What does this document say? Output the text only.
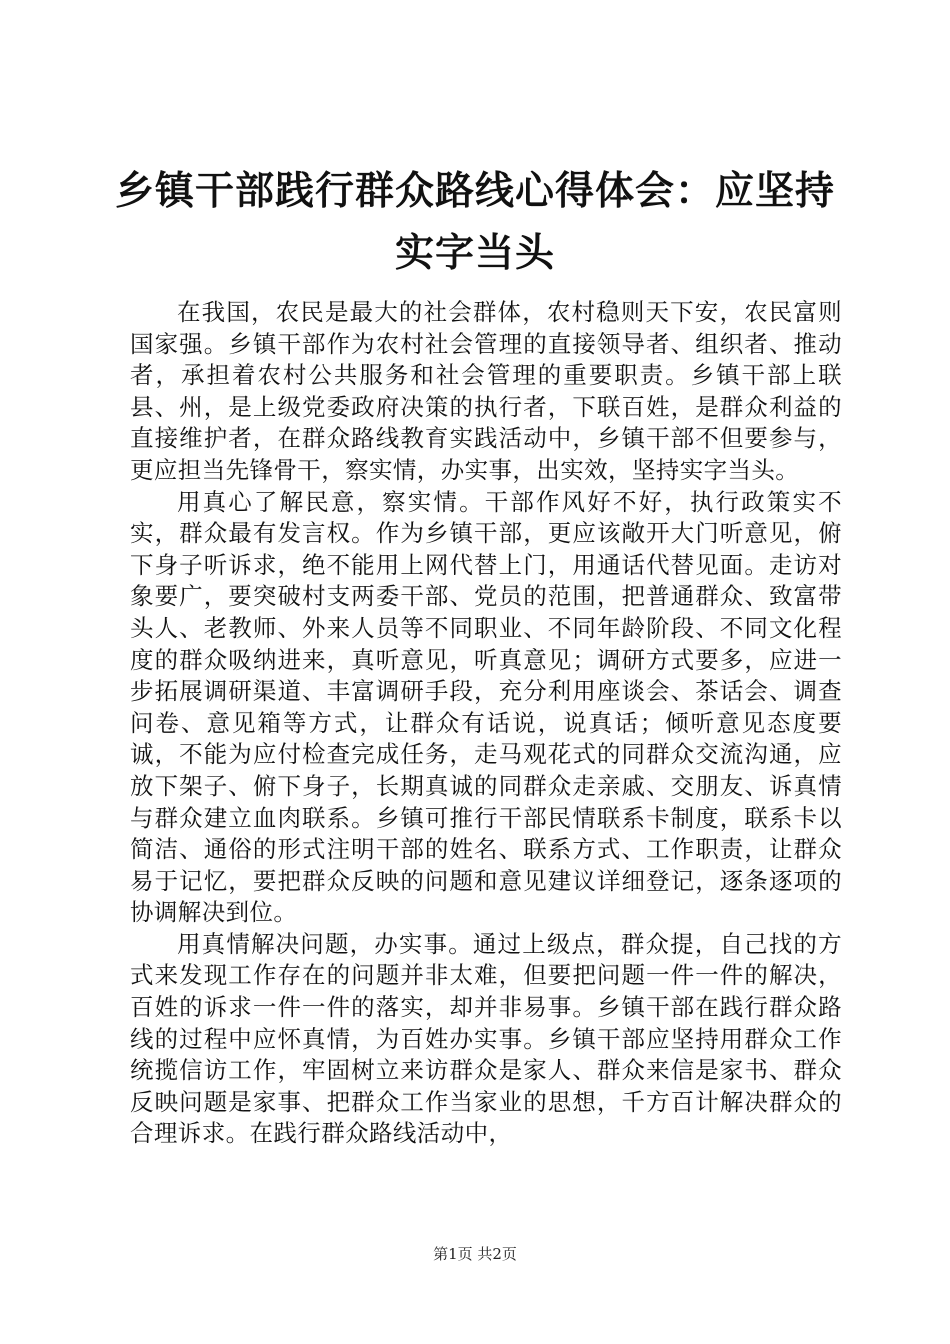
乡镇干部践行群众路线心得体会：应坚持实字当头

在我国，农民是最大的社会群体，农村稳则天下安，农民富则国家强。乡镇干部作为农村社会管理的直接领导者、组织者、推动者，承担着农村公共服务和社会管理的重要职责。乡镇干部上联县、州，是上级党委政府决策的执行者，下联百姓，是群众利益的直接维护者，在群众路线教育实践活动中，乡镇干部不但要参与，更应担当先锋骨干，察实情，办实事，出实效，坚持实字当头。

用真心了解民意，察实情。干部作风好不好，执行政策实不实，群众最有发言权。作为乡镇干部，更应该敞开大门听意见，俯下身子听诉求，绝不能用上网代替上门，用通话代替见面。走访对象要广，要突破村支两委干部、党员的范围，把普通群众、致富带头人、老教师、外来人员等不同职业、不同年龄阶段、不同文化程度的群众吸纳进来，真听意见，听真意见；调研方式要多，应进一步拓展调研渠道、丰富调研手段，充分利用座谈会、茶话会、调查问卷、意见箱等方式，让群众有话说，说真话；倾听意见态度要诚，不能为应付检查完成任务，走马观花式的同群众交流沟通，应放下架子、俯下身子，长期真诚的同群众走亲戚、交朋友、诉真情与群众建立血肉联系。乡镇可推行干部民情联系卡制度，联系卡以简洁、通俗的形式注明干部的姓名、联系方式、工作职责，让群众易于记忆，要把群众反映的问题和意见建议详细登记，逐条逐项的协调解决到位。

用真情解决问题，办实事。通过上级点，群众提，自己找的方式来发现工作存在的问题并非太难，但要把问题一件一件的解决，百姓的诉求一件一件的落实，却并非易事。乡镇干部在践行群众路线的过程中应怀真情，为百姓办实事。乡镇干部应坚持用群众工作统揽信访工作，牢固树立来访群众是家人、群众来信是家书、群众反映问题是家事、把群众工作当家业的思想，千方百计解决群众的合理诉求。在践行群众路线活动中，

第1页 共2页
